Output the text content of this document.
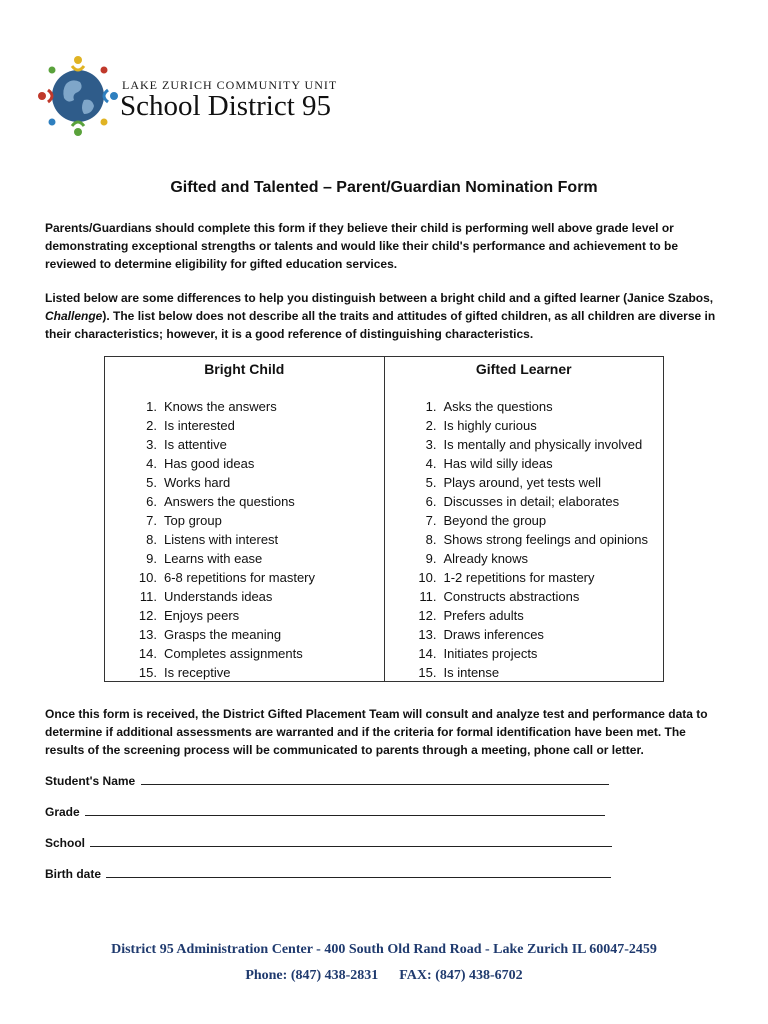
LAKE ZURICH COMMUNITY UNIT
School District 95
Gifted and Talented – Parent/Guardian Nomination Form
Parents/Guardians should complete this form if they believe their child is performing well above grade level or demonstrating exceptional strengths or talents and would like their child's performance and achievement to be reviewed to determine eligibility for gifted education services.
Listed below are some differences to help you distinguish between a bright child and a gifted learner (Janice Szabos, Challenge). The list below does not describe all the traits and attitudes of gifted children, as all children are diverse in their characteristics; however, it is a good reference of distinguishing characteristics.
Bright Child
1. Knows the answers
2. Is interested
3. Is attentive
4. Has good ideas
5. Works hard
6. Answers the questions
7. Top group
8. Listens with interest
9. Learns with ease
10. 6-8 repetitions for mastery
11. Understands ideas
12. Enjoys peers
13. Grasps the meaning
14. Completes assignments
15. Is receptive
Gifted Learner
1. Asks the questions
2. Is highly curious
3. Is mentally and physically involved
4. Has wild silly ideas
5. Plays around, yet tests well
6. Discusses in detail; elaborates
7. Beyond the group
8. Shows strong feelings and opinions
9. Already knows
10. 1-2 repetitions for mastery
11. Constructs abstractions
12. Prefers adults
13. Draws inferences
14. Initiates projects
15. Is intense
Once this form is received, the District Gifted Placement Team will consult and analyze test and performance data to determine if additional assessments are warranted and if the criteria for formal identification have been met. The results of the screening process will be communicated to parents through a meeting, phone call or letter.
Student's Name
Grade
School
Birth date
District 95 Administration Center - 400 South Old Rand Road - Lake Zurich IL 60047-2459
Phone: (847) 438-2831      FAX: (847) 438-6702
